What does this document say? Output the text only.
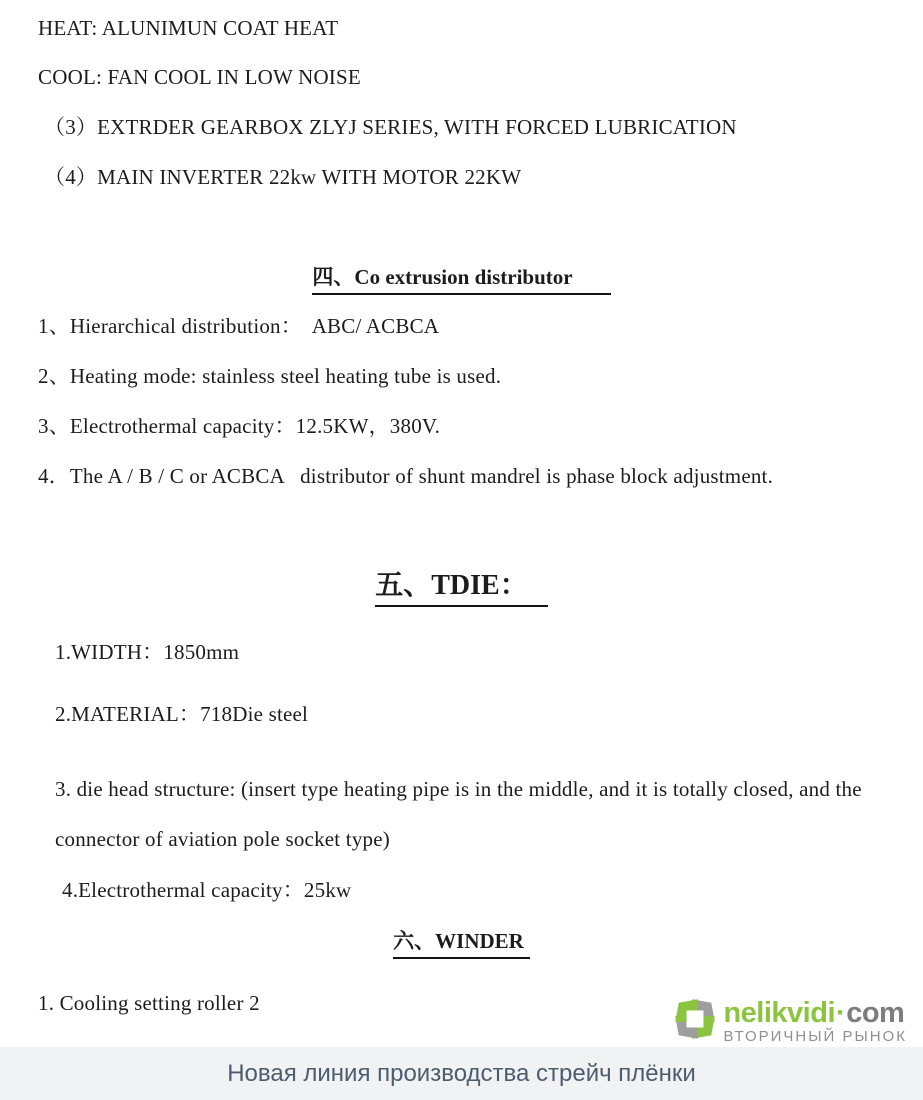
HEAT: ALUNIMUN COAT HEAT
COOL: FAN COOL IN LOW NOISE
（3）EXTRDER GEARBOX ZLYJ SERIES, WITH FORCED LUBRICATION
（4）MAIN INVERTER 22kw WITH MOTOR 22KW
四、Co extrusion distributor
1、Hierarchical distribution：  ABC/ ACBCA
2、Heating mode: stainless steel heating tube is used.
3、Electrothermal capacity：12.5KW，380V.
4．The A / B / C or ACBCA   distributor of shunt mandrel is phase block adjustment.
五、TDIE：
1.WIDTH：1850mm
2.MATERIAL：718Die steel
3. die head structure: (insert type heating pipe is in the middle, and it is totally closed, and the connector of aviation pole socket type)
4.Electrothermal capacity：25kw
六、WINDER
1. Cooling setting roller 2	nelikvidi·com
ВТОРИЧНЫЙ РЫНОК
Новая линия производства стрейч плёнки
